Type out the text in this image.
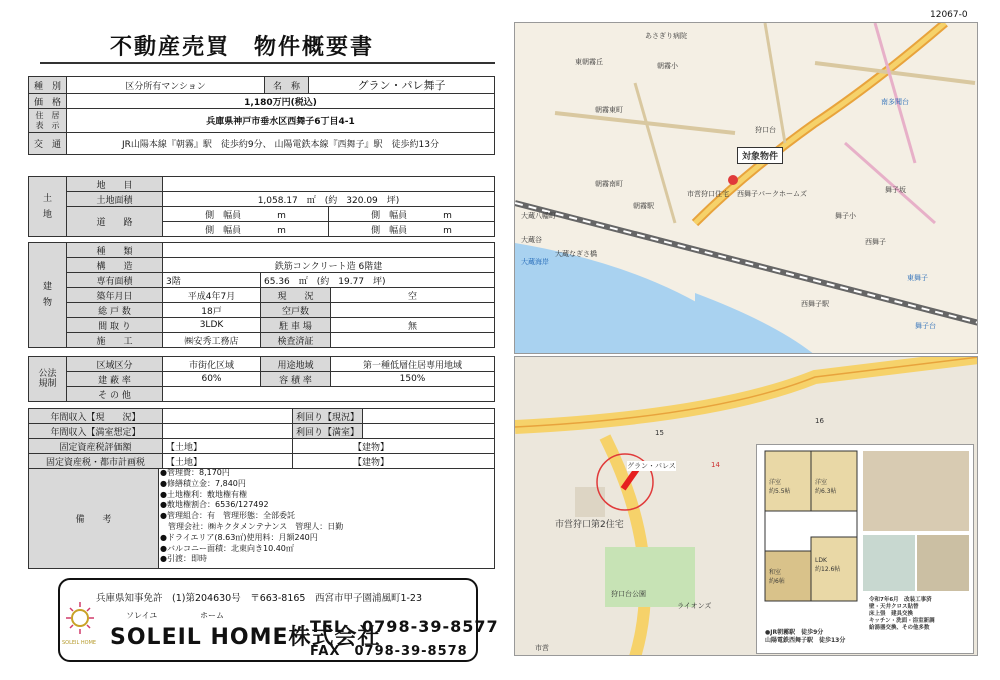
12067-0
不動産売買　物件概要書
種　別	区分所有マンション	名　称	グラン・パレ舞子
価　格	1,180万円(税込)		
住　居
表　示	兵庫県神戸市垂水区西舞子6丁目4-1		
交　通	JR山陽本線『朝霧』駅　徒歩約9分、 山陽電鉄本線『西舞子』駅　徒歩約13分		
土

地	地　　目		
	土地面積	1,058.17　㎡　(約　320.09　坪)	
	道　　路	側　幅員　　　　m	側　幅員　　　　m
		側　幅員　　　　m	側　幅員　　　　m
建

物	種　　類			
	構　　造	鉄筋コンクリート造 6階建		
	専有面積	3階	65.36　㎡　(約　19.77　坪)	
	築年月日	平成4年7月	現　　況	空
	総 戸 数	18戸	空戸数	
	間 取 り	3LDK	駐 車 場	無
	施　　工	㈱安秀工務店	検査済証	
公法
規制	区域区分	市街化区域	用途地域	第一種低層住居専用地域
	建 蔽 率	60%	容 積 率	150%
	そ の 他			
年間収入【現　　況】		利回り【現況】	
年間収入【満室想定】		利回り【満室】	
固定資産税評価額	【土地】	【建物】	
固定資産税・都市計画税	【土地】	【建物】	
備　　考	
●管理費：8,170円
●修繕積立金：7,840円
●土地権利：敷地権有権
●敷地権割合：6536/127492
●管理組合：有　管理形態：全部委託
　管理会社：㈱キクタメンテナンス　管理人：日勤
●ドライエリア(8.63㎡)使用料：月額240円
●バルコニー面積：北東向き10.40㎡
●引渡：即時
兵庫県知事免許　(1)第204630号　〒663-8165　西宮市甲子園浦風町1-23
SOLEIL HOME
ソレイユ	ホーム
SOLEIL HOME株式会社
TEL　0798-39-8577
FAX　0798-39-8578
あさぎり病院
東朝霧丘	朝霧小
朝霧東町
朝霧南町
朝霧駅
大蔵八幡町
大蔵谷
大蔵海岸
西舞子
西舞子パークホームズ
舞子小
舞子坂
舞子台
西舞子駅
狩口台
南多聞台
東舞子
市営狩口住宅
大蔵なぎさ橋
対象物件
グラン・パレス
市営狩口第2住宅
狩口台公園
ライオンズ
市営
15
14
16
洋室
約5.5帖
洋室
約6.3帖
LDK
約12.6帖
和室
約6帖
令和7年6月　改装工事済
壁・天井クロス貼替
床上張　建具交換
キッチン・洗面・浴室新調
給湯器交換、その他多数
●JR朝霧駅　徒歩9分
山陽電鉄西舞子駅　徒歩13分
